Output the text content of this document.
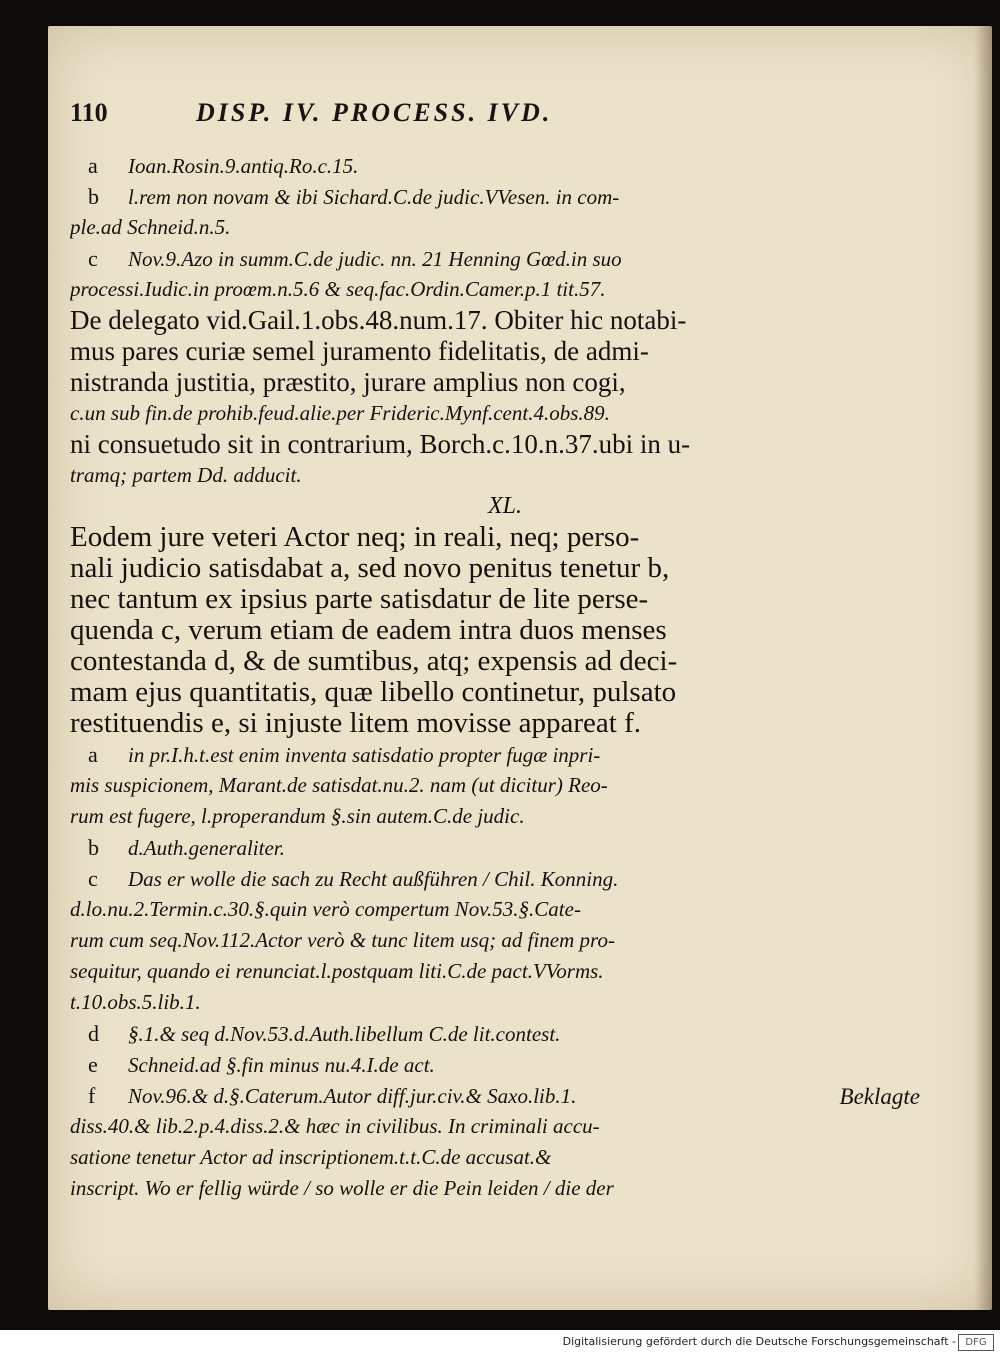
110	DISP. IV. PROCESS. IVD.
a Ioan.Rosin.9.antiq.Ro.c.15.
b l.rem non novam & ibi Sichard.C.de judic.VVesen. in com-
ple.ad Schneid.n.5.
c Nov.9.Azo in summ.C.de judic. nn. 21 Henning Gœd.in suo
processi.Iudic.in proœm.n.5.6 & seq.fac.Ordin.Camer.p.1 tit.57.
De delegato vid.Gail.1.obs.48.num.17. Obiter hic notabi-
mus pares curiæ semel juramento fidelitatis, de admi-
nistranda justitia, præstito, jurare amplius non cogi,
c.un sub fin.de prohib.feud.alie.per Frideric.Mynf.cent.4.obs.89.
ni consuetudo sit in contrarium, Borch.c.10.n.37.ubi in u-
tramq; partem Dd. adducit.
XL.
Eodem jure veteri Actor neq; in reali, neq; perso-
nali judicio satisdabat a, sed novo penitus tenetur b,
nec tantum ex ipsius parte satisdatur de lite perse-
quenda c, verum etiam de eadem intra duos menses
contestanda d, & de sumtibus, atq; expensis ad deci-
mam ejus quantitatis, quæ libello continetur, pulsato
restituendis e, si injuste litem movisse appareat f.
a in pr.I.h.t.est enim inventa satisdatio propter fugæ inpri-
mis suspicionem, Marant.de satisdat.nu.2. nam (ut dicitur) Reo-
rum est fugere, l.properandum §.sin autem.C.de judic.
b d.Auth.generaliter.
c Das er wolle die sach zu Recht außführen / Chil. Konning.
d.lo.nu.2.Termin.c.30.§.quin verò compertum Nov.53.§.Cate-
rum cum seq.Nov.112.Actor verò & tunc litem usq; ad finem pro-
sequitur, quando ei renunciat.l.postquam liti.C.de pact.VVorms.
t.10.obs.5.lib.1.
d §.1.& seq d.Nov.53.d.Auth.libellum C.de lit.contest.
e Schneid.ad §.fin minus nu.4.I.de act.
f Nov.96.& d.§.Caterum.Autor diff.jur.civ.& Saxo.lib.1.
diss.40.& lib.2.p.4.diss.2.& hæc in civilibus. In criminali accu-
satione tenetur Actor ad inscriptionem.t.t.C.de accusat.&
inscript. Wo er fellig würde / so wolle er die Pein leiden / die der
Beklagte
Digitalisierung gefördert durch die Deutsche Forschungsgemeinschaft - DFG
